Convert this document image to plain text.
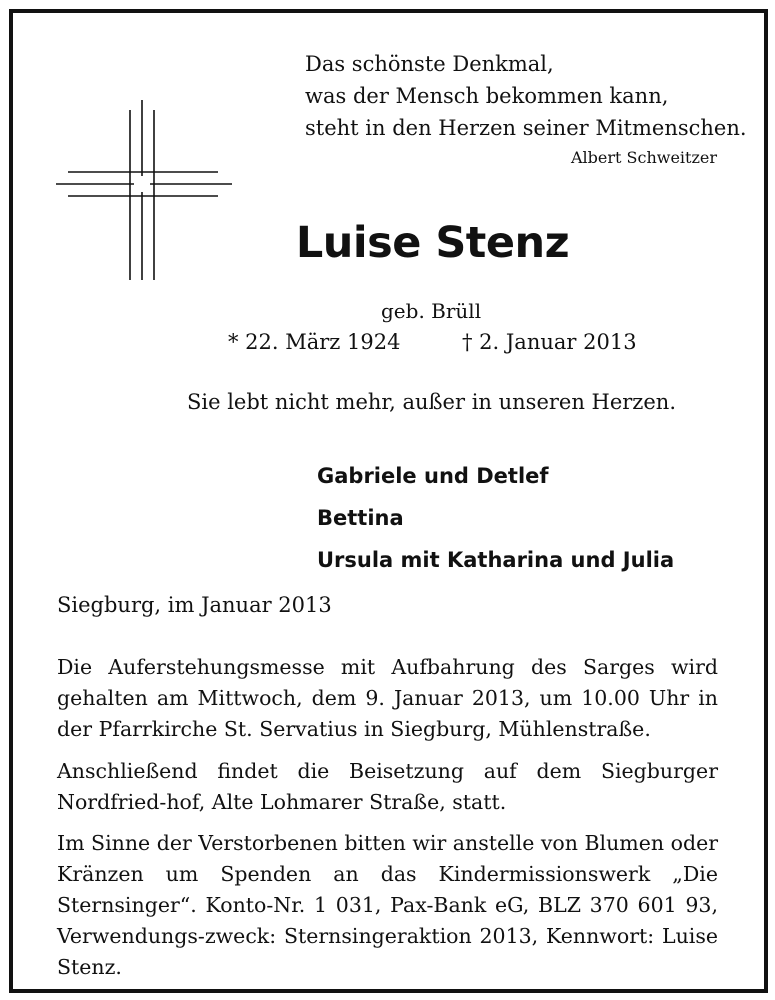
Das schönste Denkmal,
was der Mensch bekommen kann,
steht in den Herzen seiner Mitmenschen.
Albert Schweitzer
Luise Stenz
geb. Brüll
* 22. März 1924	† 2. Januar 2013
Sie lebt nicht mehr, außer in unseren Herzen.
Gabriele und Detlef
Bettina
Ursula mit Katharina und Julia
Siegburg, im Januar 2013
Die Auferstehungsmesse mit Aufbahrung des Sarges wird gehalten am Mittwoch, dem 9. Januar 2013, um 10.00 Uhr in der Pfarrkirche St. Servatius in Siegburg, Mühlenstraße.
Anschließend findet die Beisetzung auf dem Siegburger Nordfried-hof, Alte Lohmarer Straße, statt.
Im Sinne der Verstorbenen bitten wir anstelle von Blumen oder Kränzen um Spenden an das Kindermissionswerk „Die Sternsinger“. Konto-Nr. 1 031, Pax-Bank eG, BLZ 370 601 93, Verwendungs-zweck: Sternsingeraktion 2013, Kennwort: Luise Stenz.
